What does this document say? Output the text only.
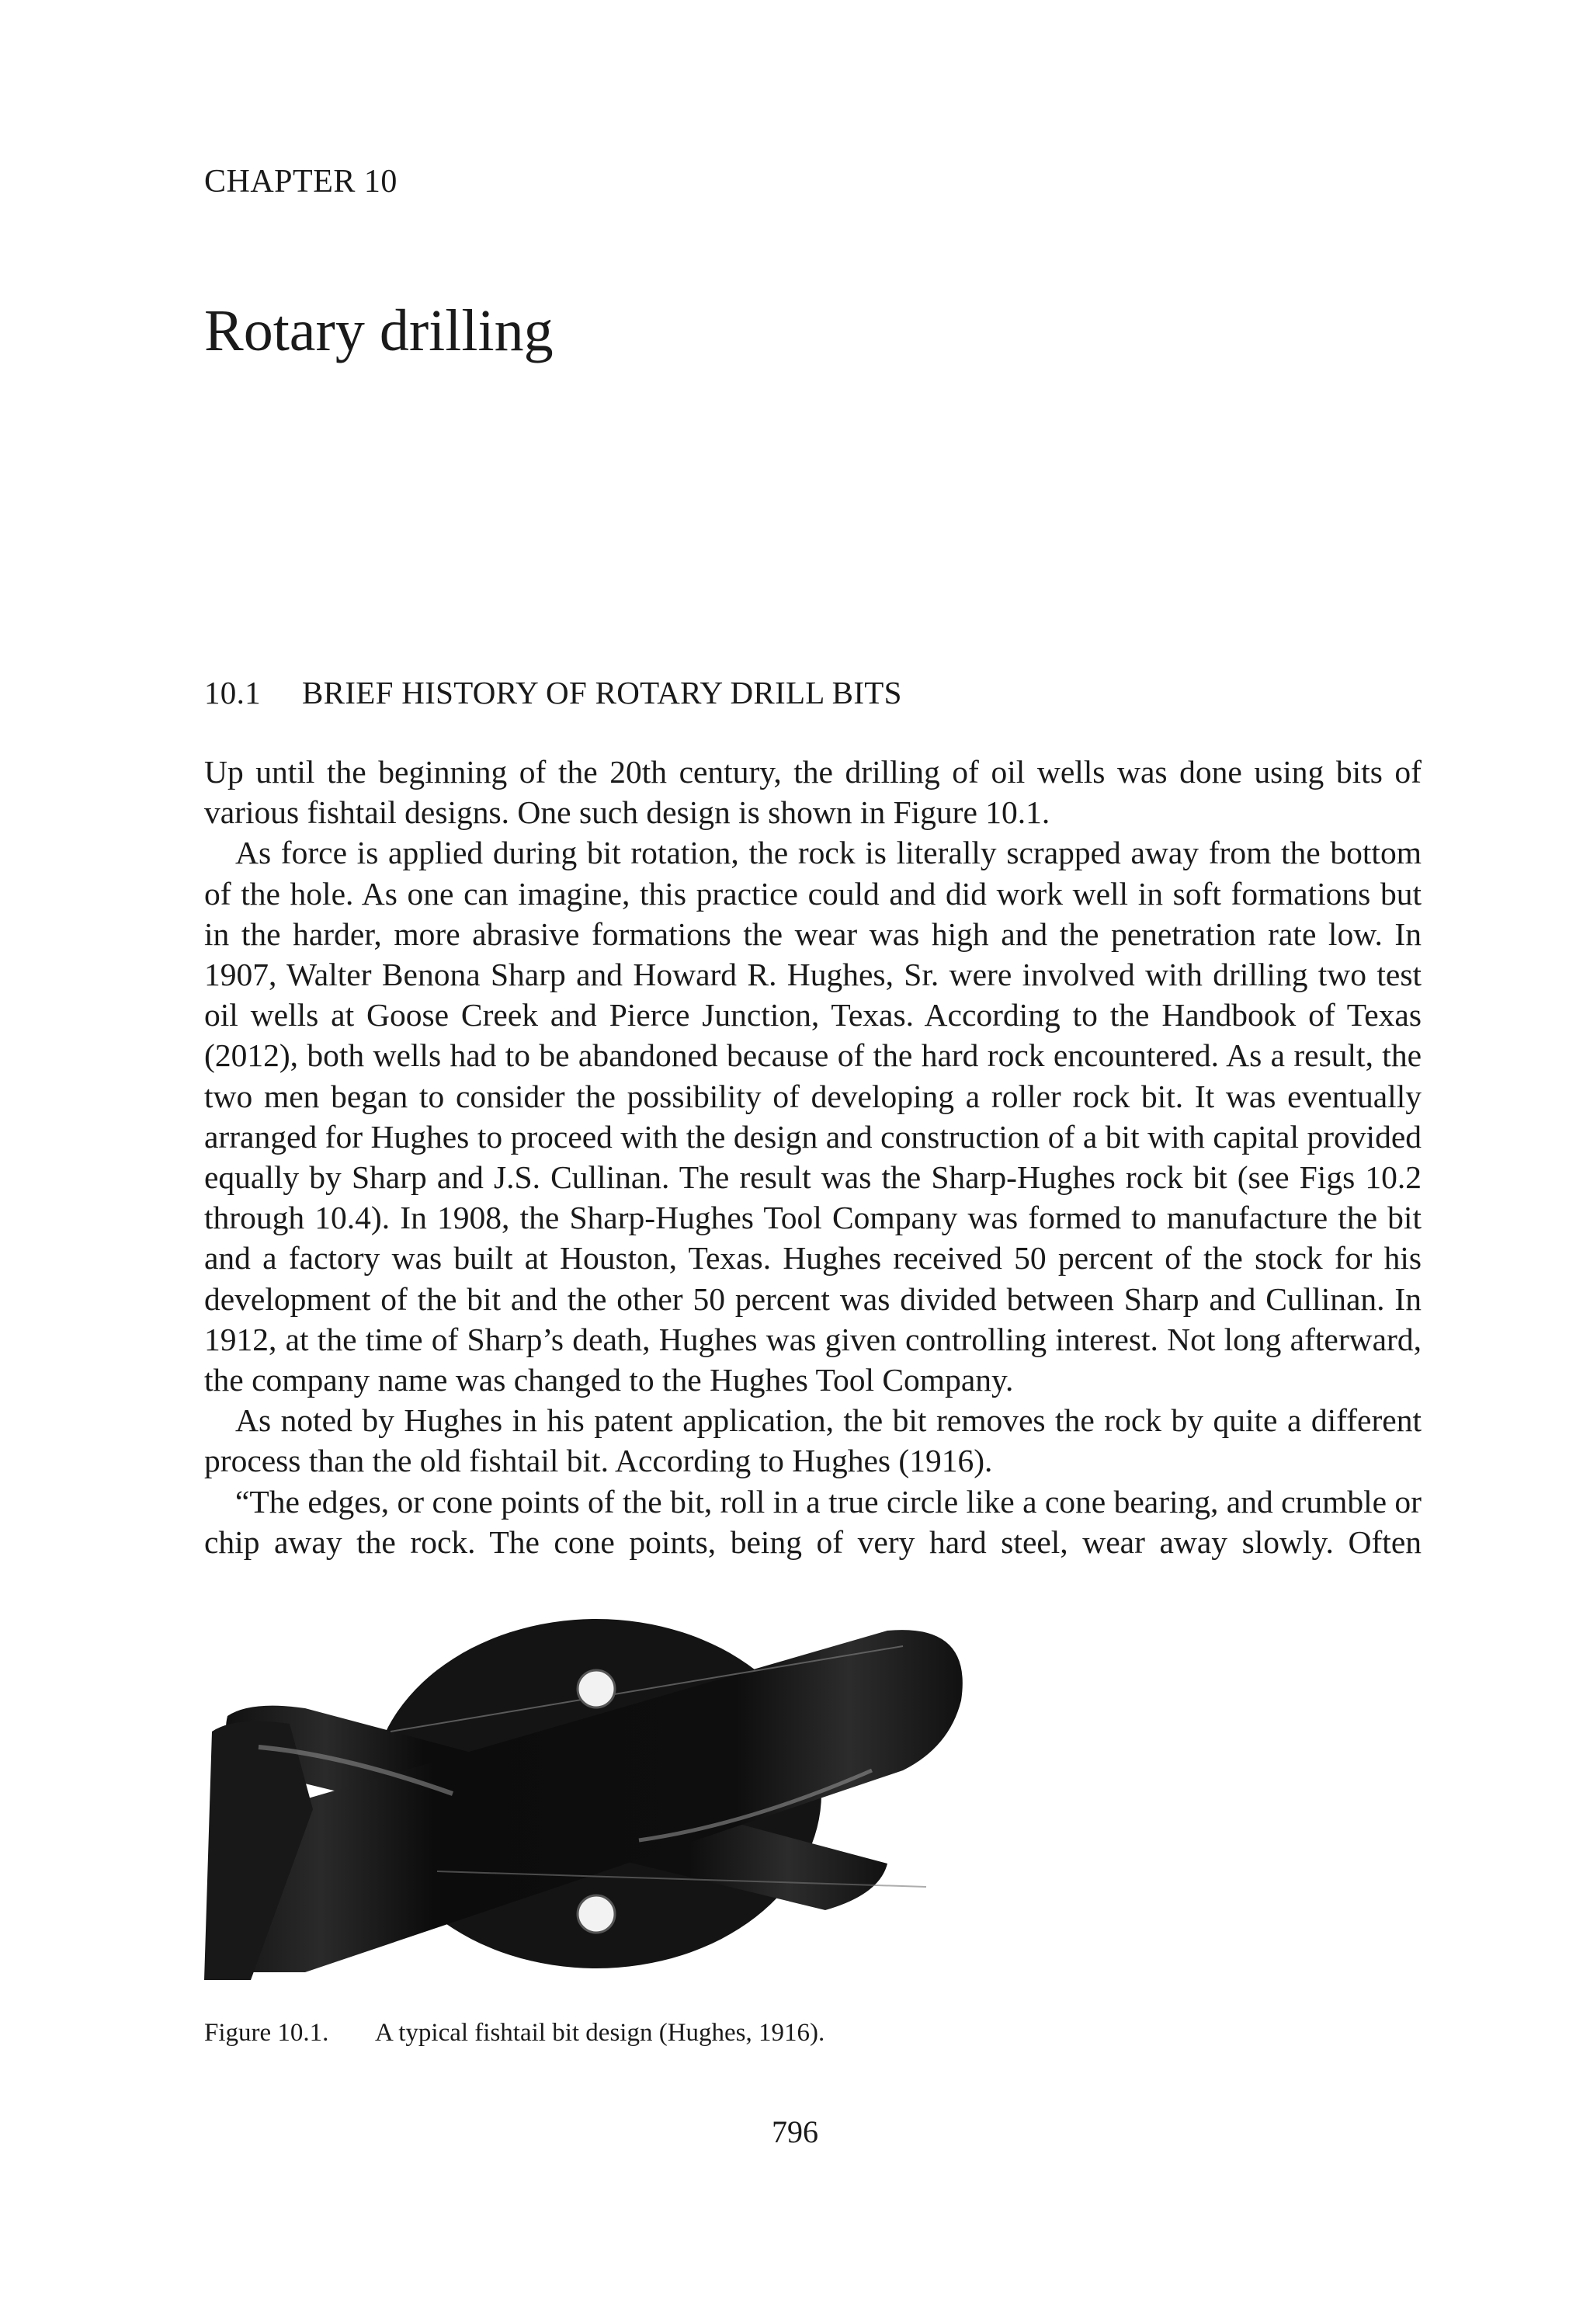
CHAPTER 10
Rotary drilling
10.1 BRIEF HISTORY OF ROTARY DRILL BITS

Up until the beginning of the 20th century, the drilling of oil wells was done using bits of various fishtail designs. One such design is shown in Figure 10.1.

As force is applied during bit rotation, the rock is literally scrapped away from the bottom of the hole. As one can imagine, this practice could and did work well in soft formations but in the harder, more abrasive formations the wear was high and the penetration rate low. In 1907, Walter Benona Sharp and Howard R. Hughes, Sr. were involved with drilling two test oil wells at Goose Creek and Pierce Junction, Texas. According to the Handbook of Texas (2012), both wells had to be abandoned because of the hard rock encountered. As a result, the two men began to consider the possibility of developing a roller rock bit. It was eventually arranged for Hughes to proceed with the design and construction of a bit with capital provided equally by Sharp and J.S. Cullinan. The result was the Sharp-Hughes rock bit (see Figs 10.2 through 10.4). In 1908, the Sharp-Hughes Tool Company was formed to manufacture the bit and a factory was built at Houston, Texas. Hughes received 50 percent of the stock for his development of the bit and the other 50 percent was divided between Sharp and Cullinan. In 1912, at the time of Sharp’s death, Hughes was given controlling interest. Not long afterward, the company name was changed to the Hughes Tool Company.

As noted by Hughes in his patent application, the bit removes the rock by quite a different process than the old fishtail bit. According to Hughes (1916).

“The edges, or cone points of the bit, roll in a true circle like a cone bearing, and crumble or chip away the rock. The cone points, being of very hard steel, wear away slowly. Often

Figure 10.1. A typical fishtail bit design (Hughes, 1916).
796
